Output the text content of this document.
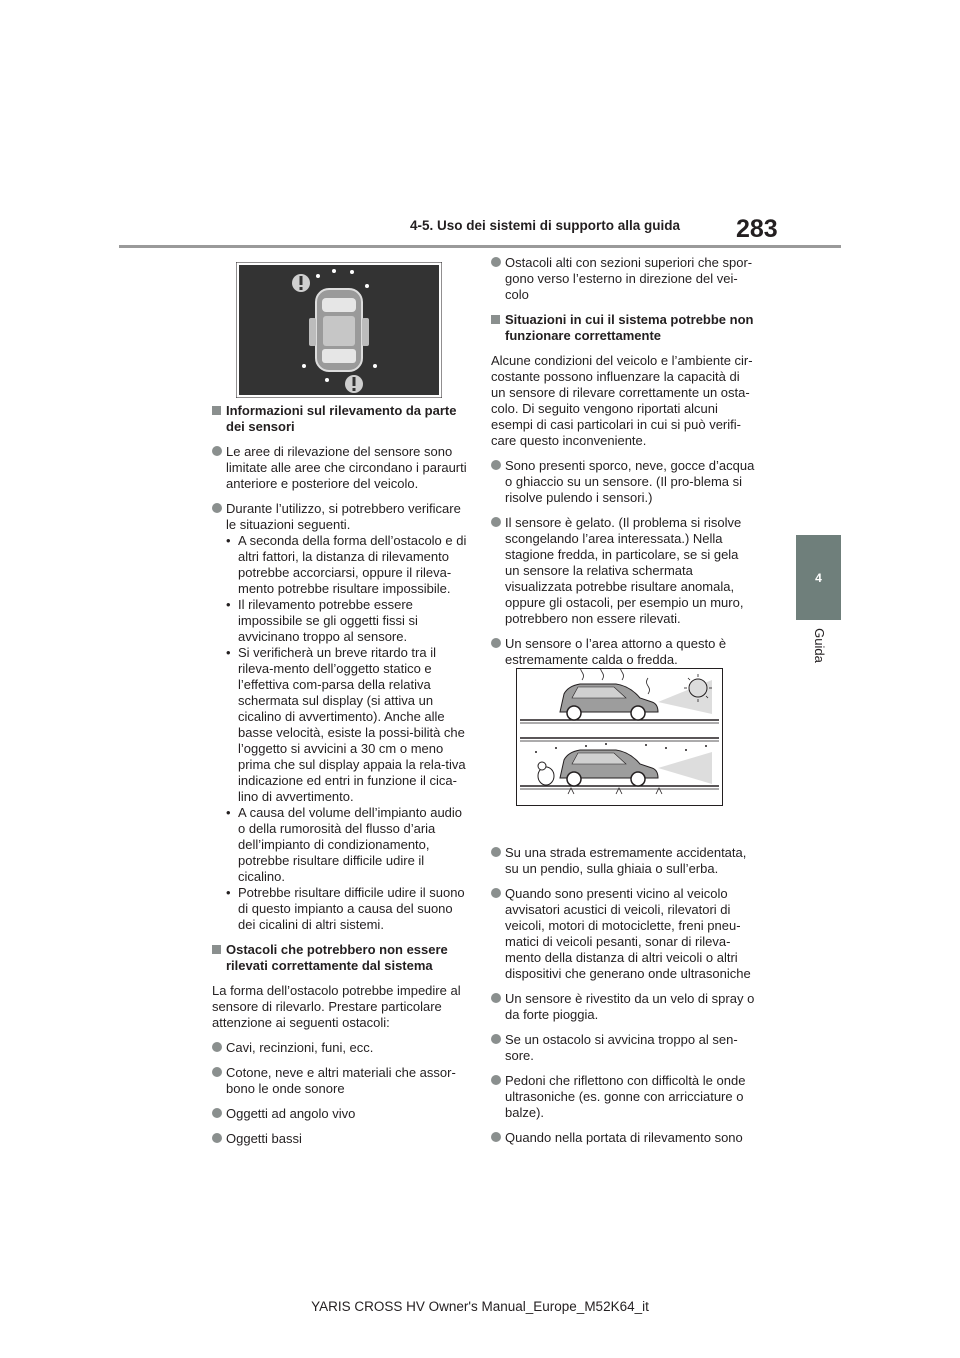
4-5. Uso dei sistemi di supporto alla guida 283
4
Guida

Informazioni sul rilevamento da parte dei sensori

Le aree di rilevazione del sensore sono limitate alle aree che circondano i paraurti anteriore e posteriore del veicolo.

Durante l’utilizzo, si potrebbero verificare le situazioni seguenti.

• A seconda della forma dell’ostacolo e di altri fattori, la distanza di rilevamento potrebbe accorciarsi, oppure il rileva-mento potrebbe risultare impossibile.
• Il rilevamento potrebbe essere impossibile se gli oggetti fissi si avvicinano troppo al sensore.
• Si verificherà un breve ritardo tra il rileva-mento dell’oggetto statico e l’effettiva com-parsa della relativa schermata sul display (si attiva un cicalino di avvertimento). Anche alle basse velocità, esiste la possi-bilità che l’oggetto si avvicini a 30 cm o meno prima che sul display appaia la rela-tiva indicazione ed entri in funzione il cica-lino di avvertimento.
• A causa del volume dell’impianto audio o della rumorosità del flusso d’aria dell’impianto di condizionamento, potrebbe risultare difficile udire il cicalino.
• Potrebbe risultare difficile udire il suono di questo impianto a causa del suono dei cicalini di altri sistemi.

Ostacoli che potrebbero non essere rilevati correttamente dal sistema

La forma dell’ostacolo potrebbe impedire al sensore di rilevarlo. Prestare particolare attenzione ai seguenti ostacoli:

Cavi, recinzioni, funi, ecc.

Cotone, neve e altri materiali che assor-bono le onde sonore

Oggetti ad angolo vivo

Oggetti bassi

Ostacoli alti con sezioni superiori che spor-gono verso l’esterno in direzione del vei-colo

Situazioni in cui il sistema potrebbe non funzionare correttamente

Alcune condizioni del veicolo e l’ambiente cir-costante possono influenzare la capacità di un sensore di rilevare correttamente un osta-colo. Di seguito vengono riportati alcuni esempi di casi particolari in cui si può verifi-care questo inconveniente.

Sono presenti sporco, neve, gocce d’acqua o ghiaccio su un sensore. (Il pro-blema si risolve pulendo i sensori.)

Il sensore è gelato. (Il problema si risolve scongelando l’area interessata.) Nella stagione fredda, in particolare, se si gela un sensore la relativa schermata visualizzata potrebbe risultare anomala, oppure gli ostacoli, per esempio un muro, potrebbero non essere rilevati.

Un sensore o l’area attorno a questo è estremamente calda o fredda.

Su una strada estremamente accidentata, su un pendio, sulla ghiaia o sull’erba.

Quando sono presenti vicino al veicolo avvisatori acustici di veicoli, rilevatori di veicoli, motori di motociclette, freni pneu-matici di veicoli pesanti, sonar di rileva-mento della distanza di altri veicoli o altri dispositivi che generano onde ultrasoniche

Un sensore è rivestito da un velo di spray o da forte pioggia.

Se un ostacolo si avvicina troppo al sen-sore.

Pedoni che riflettono con difficoltà le onde ultrasoniche (es. gonne con arricciature o balze).

Quando nella portata di rilevamento sono

YARIS CROSS HV Owner's Manual_Europe_M52K64_it
